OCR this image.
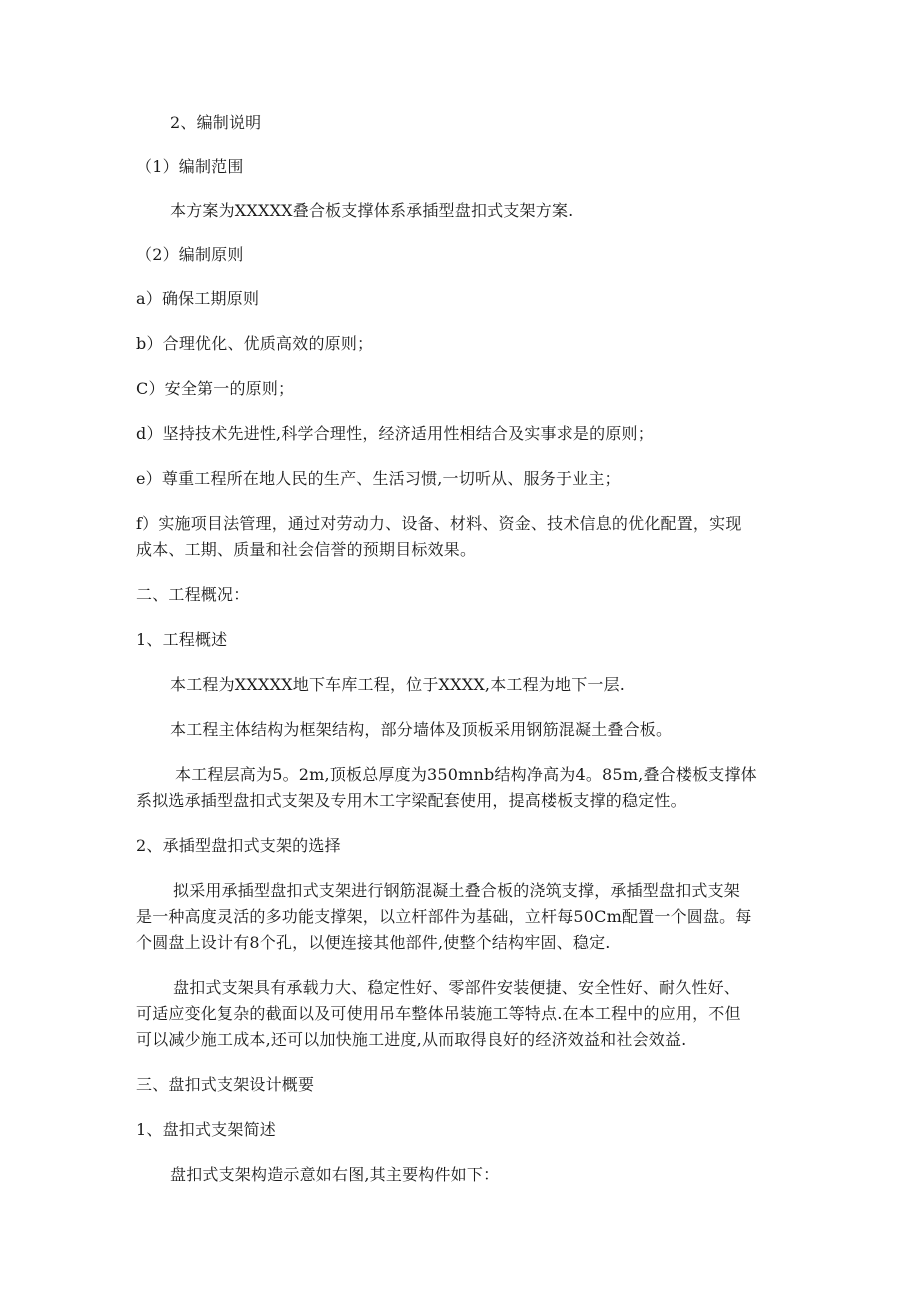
2、编制说明

（1）编制范围

本方案为XXXXX叠合板支撑体系承插型盘扣式支架方案.

（2）编制原则

a）确保工期原则

b）合理优化、优质高效的原则；

C）安全第一的原则；

d）坚持技术先进性,科学合理性，经济适用性相结合及实事求是的原则；

e）尊重工程所在地人民的生产、生活习惯,一切听从、服务于业主；

f）实施项目法管理，通过对劳动力、设备、材料、资金、技术信息的优化配置，实现

成本、工期、质量和社会信誉的预期目标效果。

二、工程概况：

1、工程概述

本工程为XXXXX地下车库工程，位于XXXX,本工程为地下一层.

本工程主体结构为框架结构，部分墙体及顶板采用钢筋混凝土叠合板。

本工程层高为5。2m,顶板总厚度为350mnb结构净高为4。85m,叠合楼板支撑体

系拟选承插型盘扣式支架及专用木工字梁配套使用，提高楼板支撑的稳定性。

2、承插型盘扣式支架的选择

拟采用承插型盘扣式支架进行钢筋混凝土叠合板的浇筑支撑，承插型盘扣式支架

是一种高度灵活的多功能支撑架，以立杆部件为基础，立杆每50Cm配置一个圆盘。每

个圆盘上设计有8个孔，以便连接其他部件,使整个结构牢固、稳定.

盘扣式支架具有承载力大、稳定性好、零部件安装便捷、安全性好、耐久性好、

可适应变化复杂的截面以及可使用吊车整体吊装施工等特点.在本工程中的应用，不但

可以减少施工成本,还可以加快施工进度,从而取得良好的经济效益和社会效益.

三、盘扣式支架设计概要

1、盘扣式支架简述

盘扣式支架构造示意如右图,其主要构件如下：
